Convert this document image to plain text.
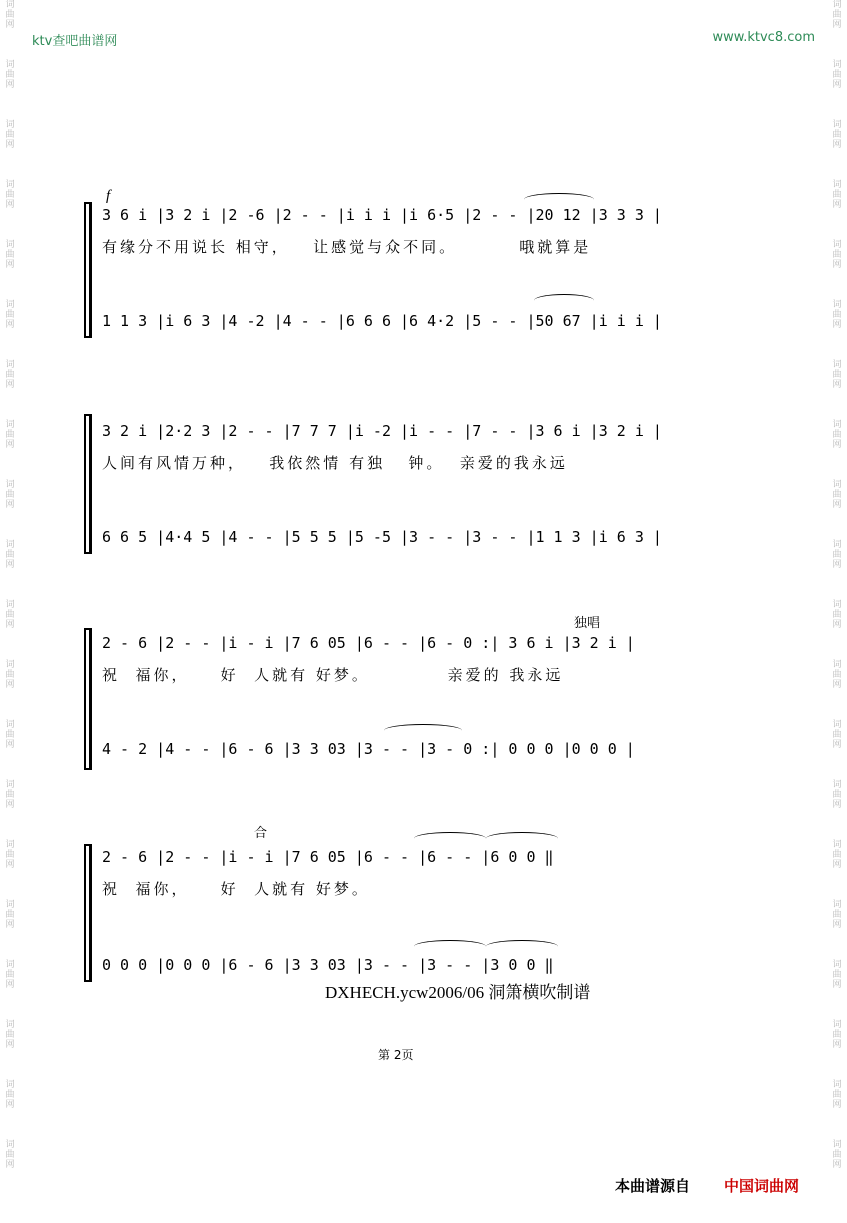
词
曲
网
词
曲
网
词
曲
网
词
曲
网
词
曲
网
词
曲
网
词
曲
网
词
曲
网
词
曲
网
词
曲
网
词
曲
网
词
曲
网
词
曲
网
词
曲
网
词
曲
网
词
曲
网
词
曲
网
词
曲
网
词
曲
网
词
曲
网
词
曲
网
词
曲
网
词
曲
网
词
曲
网
词
曲
网
词
曲
网
词
曲
网
词
曲
网
词
曲
网
词
曲
网
词
曲
网
词
曲
网
词
曲
网
词
曲
网
词
曲
网
词
曲
网
词
曲
网
词
曲
网
词
曲
网
词
曲
网
ktv查吧曲谱网	www.ktvc8.com
f
3 6 i |3 2 i |2 -6 |2 - - |i i i |i 6·5 |2 - - |20 12 |3 3 3 |
有缘分不用说长 相守，   让感觉与众不同。        哦就算是
1 1 3 |i 6 3 |4 -2 |4 - - |6 6 6 |6 4·2 |5 - - |50 67 |i i i |
3 2 i |2·2 3 |2 - - |7 7 7 |i -2 |i - - |7 - - |3 6 i |3 2 i |
人间有风情万种，   我依然情 有独   钟。  亲爱的我永远
6 6 5 |4·4 5 |4 - - |5 5 5 |5 -5 |3 - - |3 - - |1 1 3 |i 6 3 |
独唱
2 - 6 |2 - - |i - i |7 6 05 |6 - - |6 - 0 :| 3 6 i |3 2 i |
祝  福你，    好  人就有 好梦。          亲爱的 我永远
4 - 2 |4 - - |6 - 6 |3 3 03 |3 - - |3 - 0 :| 0 0 0 |0 0 0 |
合
2 - 6 |2 - - |i - i |7 6 05 |6 - - |6 - - |6 0 0 ‖
祝  福你，    好  人就有 好梦。
0 0 0 |0 0 0 |6 - 6 |3 3 03 |3 - - |3 - - |3 0 0 ‖
DXHECH.ycw2006/06 洞箫横吹制谱
第 2页
本曲谱源自 中国词曲网
